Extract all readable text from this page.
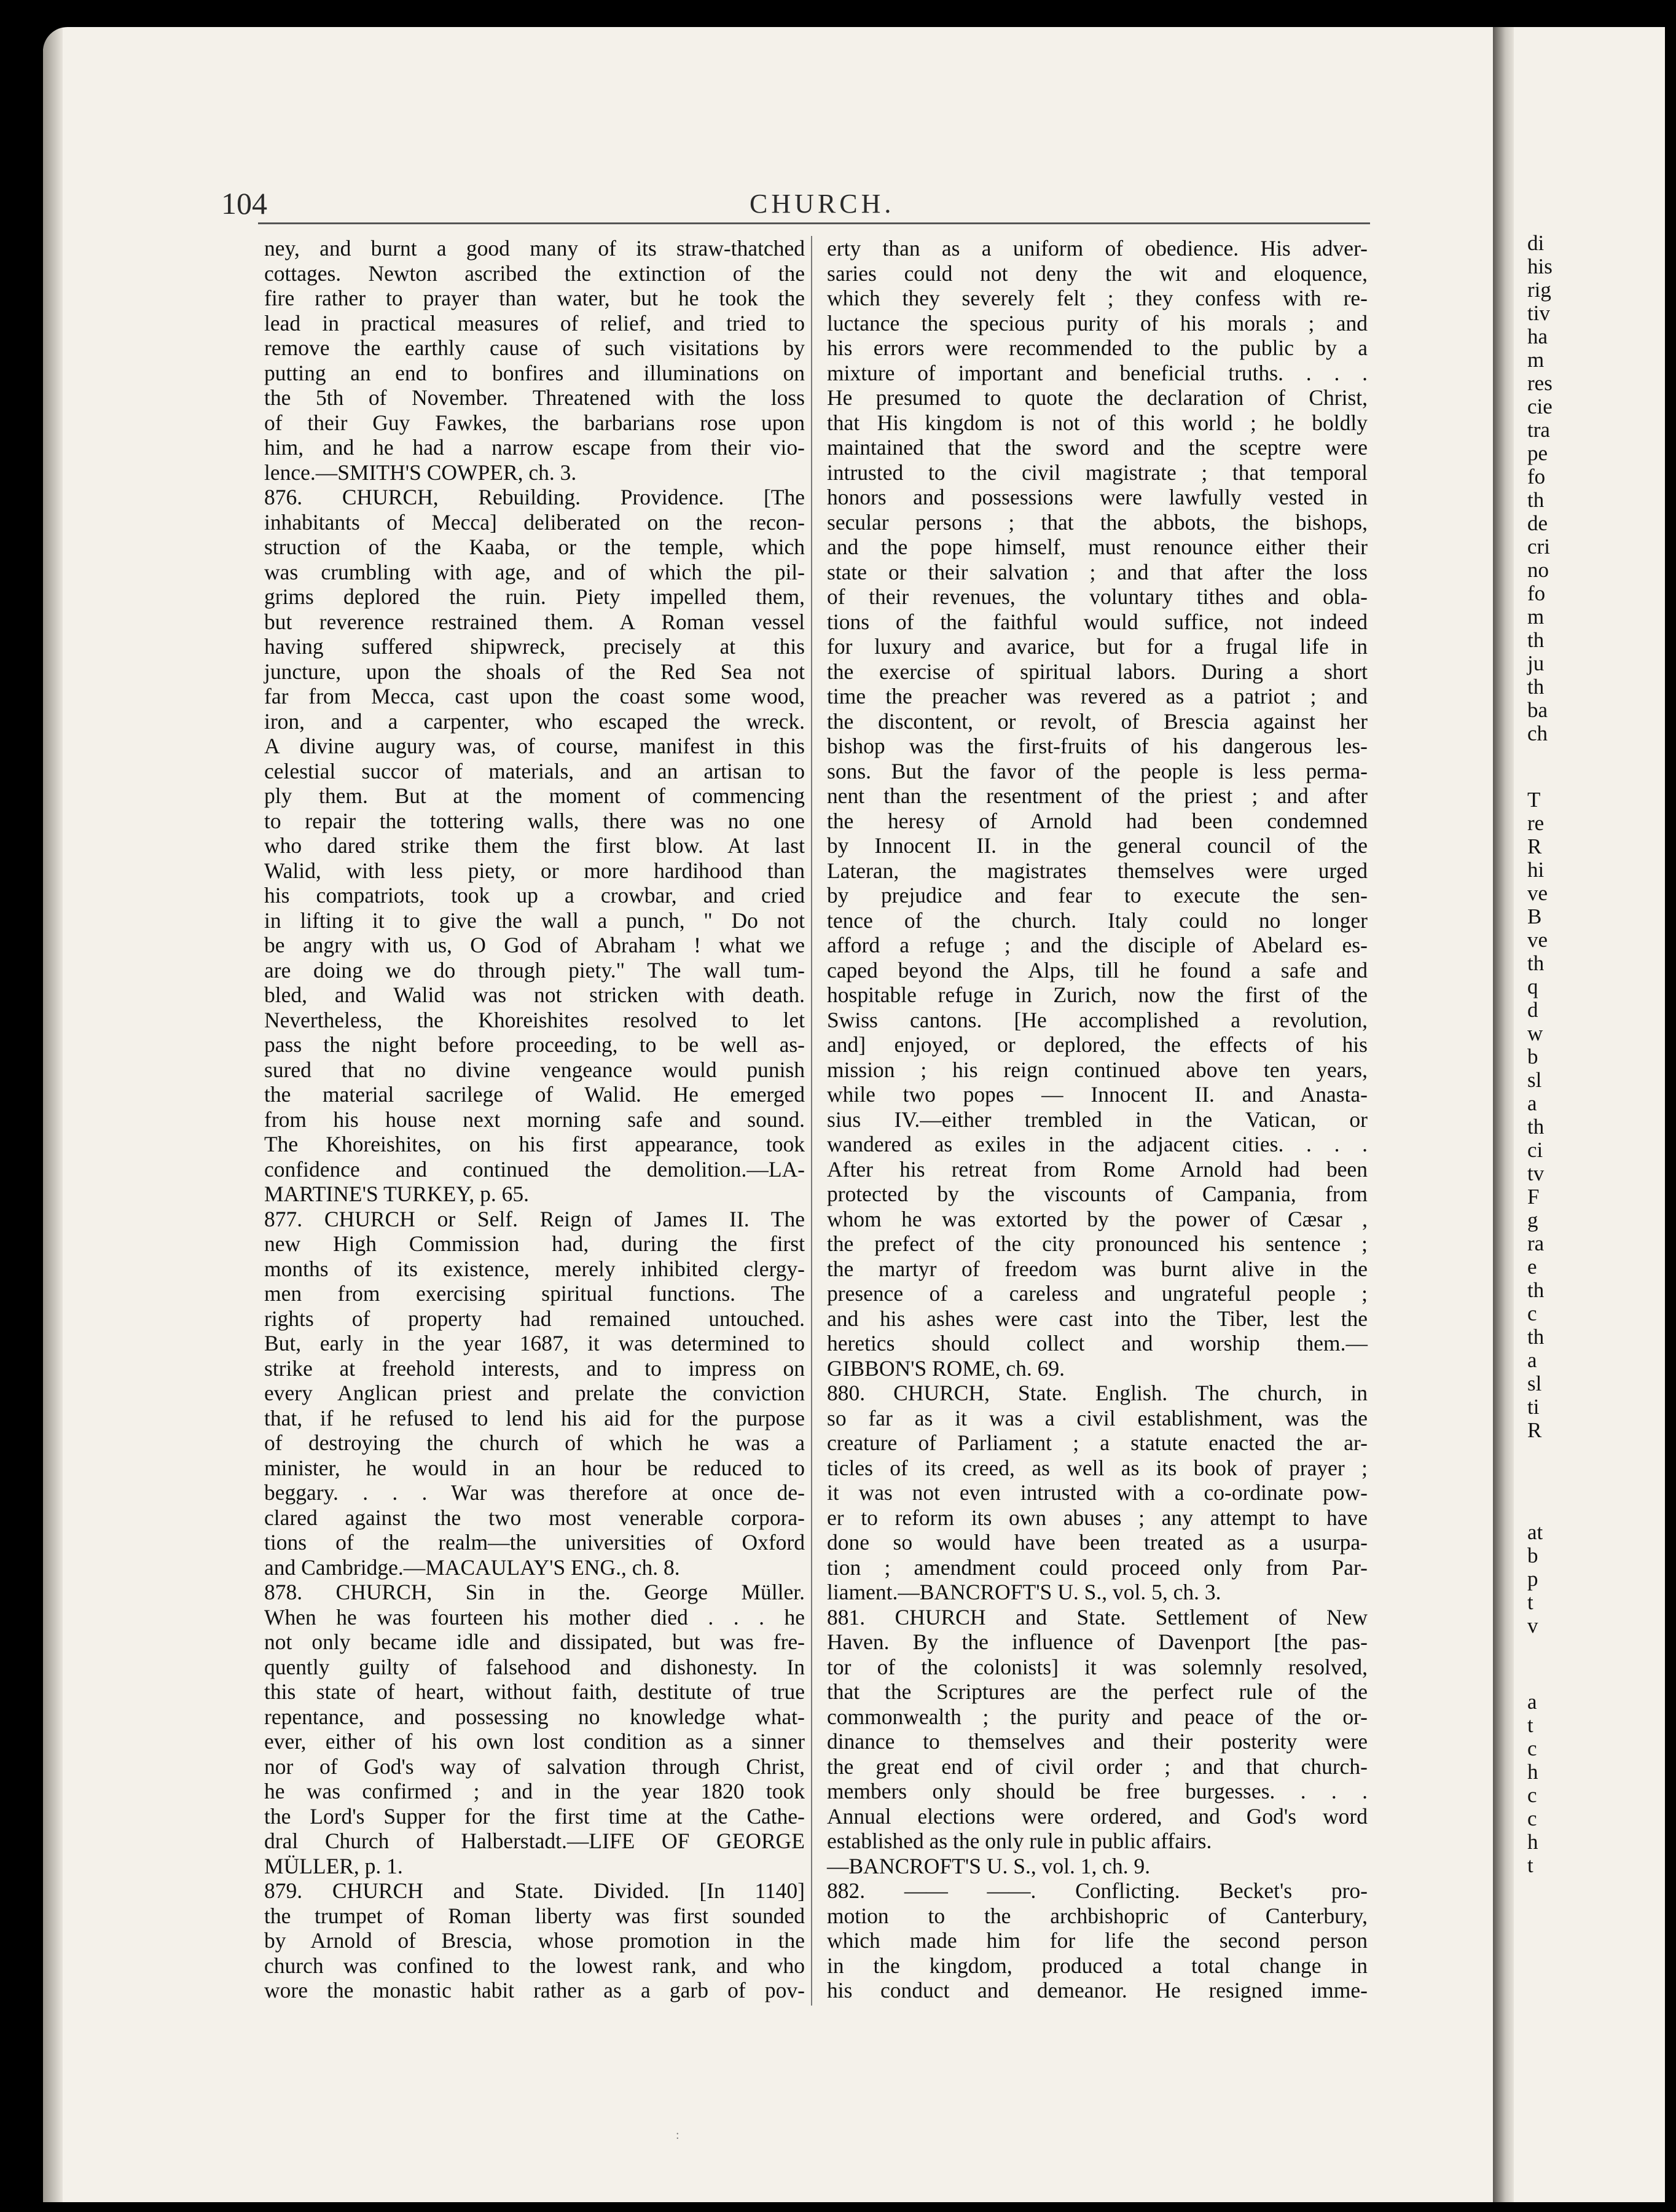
104	CHURCH.
ney, and burnt a good many of its straw-thatched
cottages. Newton ascribed the extinction of the
fire rather to prayer than water, but he took the
lead in practical measures of relief, and tried to
remove the earthly cause of such visitations by
putting an end to bonfires and illuminations on
the 5th of November. Threatened with the loss
of their Guy Fawkes, the barbarians rose upon
him, and he had a narrow escape from their vio-
lence.—SMITH'S COWPER, ch. 3.
876. CHURCH, Rebuilding. Providence. [The
inhabitants of Mecca] deliberated on the recon-
struction of the Kaaba, or the temple, which
was crumbling with age, and of which the pil-
grims deplored the ruin. Piety impelled them,
but reverence restrained them. A Roman vessel
having suffered shipwreck, precisely at this
juncture, upon the shoals of the Red Sea not
far from Mecca, cast upon the coast some wood,
iron, and a carpenter, who escaped the wreck.
A divine augury was, of course, manifest in this
celestial succor of materials, and an artisan to
ply them. But at the moment of commencing
to repair the tottering walls, there was no one
who dared strike them the first blow. At last
Walid, with less piety, or more hardihood than
his compatriots, took up a crowbar, and cried
in lifting it to give the wall a punch, " Do not
be angry with us, O God of Abraham ! what we
are doing we do through piety." The wall tum-
bled, and Walid was not stricken with death.
Nevertheless, the Khoreishites resolved to let
pass the night before proceeding, to be well as-
sured that no divine vengeance would punish
the material sacrilege of Walid. He emerged
from his house next morning safe and sound.
The Khoreishites, on his first appearance, took
confidence and continued the demolition.—LA-
MARTINE'S TURKEY, p. 65.
877. CHURCH or Self. Reign of James II. The
new High Commission had, during the first
months of its existence, merely inhibited clergy-
men from exercising spiritual functions. The
rights of property had remained untouched.
But, early in the year 1687, it was determined to
strike at freehold interests, and to impress on
every Anglican priest and prelate the conviction
that, if he refused to lend his aid for the purpose
of destroying the church of which he was a
minister, he would in an hour be reduced to
beggary. . . . War was therefore at once de-
clared against the two most venerable corpora-
tions of the realm—the universities of Oxford
and Cambridge.—MACAULAY'S ENG., ch. 8.
878. CHURCH, Sin in the. George Müller.
When he was fourteen his mother died . . . he
not only became idle and dissipated, but was fre-
quently guilty of falsehood and dishonesty. In
this state of heart, without faith, destitute of true
repentance, and possessing no knowledge what-
ever, either of his own lost condition as a sinner
nor of God's way of salvation through Christ,
he was confirmed ; and in the year 1820 took
the Lord's Supper for the first time at the Cathe-
dral Church of Halberstadt.—LIFE OF GEORGE
MÜLLER, p. 1.
879. CHURCH and State. Divided. [In 1140]
the trumpet of Roman liberty was first sounded
by Arnold of Brescia, whose promotion in the
church was confined to the lowest rank, and who
wore the monastic habit rather as a garb of pov-
erty than as a uniform of obedience. His adver-
saries could not deny the wit and eloquence,
which they severely felt ; they confess with re-
luctance the specious purity of his morals ; and
his errors were recommended to the public by a
mixture of important and beneficial truths. . . .
He presumed to quote the declaration of Christ,
that His kingdom is not of this world ; he boldly
maintained that the sword and the sceptre were
intrusted to the civil magistrate ; that temporal
honors and possessions were lawfully vested in
secular persons ; that the abbots, the bishops,
and the pope himself, must renounce either their
state or their salvation ; and that after the loss
of their revenues, the voluntary tithes and obla-
tions of the faithful would suffice, not indeed
for luxury and avarice, but for a frugal life in
the exercise of spiritual labors. During a short
time the preacher was revered as a patriot ; and
the discontent, or revolt, of Brescia against her
bishop was the first-fruits of his dangerous les-
sons. But the favor of the people is less perma-
nent than the resentment of the priest ; and after
the heresy of Arnold had been condemned
by Innocent II. in the general council of the
Lateran, the magistrates themselves were urged
by prejudice and fear to execute the sen-
tence of the church. Italy could no longer
afford a refuge ; and the disciple of Abelard es-
caped beyond the Alps, till he found a safe and
hospitable refuge in Zurich, now the first of the
Swiss cantons. [He accomplished a revolution,
and] enjoyed, or deplored, the effects of his
mission ; his reign continued above ten years,
while two popes — Innocent II. and Anasta-
sius IV.—either trembled in the Vatican, or
wandered as exiles in the adjacent cities. . . .
After his retreat from Rome Arnold had been
protected by the viscounts of Campania, from
whom he was extorted by the power of Cæsar ,
the prefect of the city pronounced his sentence ;
the martyr of freedom was burnt alive in the
presence of a careless and ungrateful people ;
and his ashes were cast into the Tiber, lest the
heretics should collect and worship them.—
GIBBON'S ROME, ch. 69.
880. CHURCH, State. English. The church, in
so far as it was a civil establishment, was the
creature of Parliament ; a statute enacted the ar-
ticles of its creed, as well as its book of prayer ;
it was not even intrusted with a co-ordinate pow-
er to reform its own abuses ; any attempt to have
done so would have been treated as a usurpa-
tion ; amendment could proceed only from Par-
liament.—BANCROFT'S U. S., vol. 5, ch. 3.
881. CHURCH and State. Settlement of New
Haven. By the influence of Davenport [the pas-
tor of the colonists] it was solemnly resolved,
that the Scriptures are the perfect rule of the
commonwealth ; the purity and peace of the or-
dinance to themselves and their posterity were
the great end of civil order ; and that church-
members only should be free burgesses. . . .
Annual elections were ordered, and God's word
established as the only rule in public affairs.
—BANCROFT'S U. S., vol. 1, ch. 9.
882. —— ——. Conflicting. Becket's pro-
motion to the archbishopric of Canterbury,
which made him for life the second person
in the kingdom, produced a total change in
his conduct and demeanor. He resigned imme-
di
his
rig
tiv
ha
m
res
cie
tra
pe
fo
th
de
cri
no
fo
m
th
ju
th
ba
ch
T
re
R
hi
ve
B
ve
th
q
d
w
b
sl
a
th
ci
tv
F
g
ra
e
th
c
th
a
sl
ti
R
at
b
p
t
v
a
t
c
h
c
c
h
t
:
